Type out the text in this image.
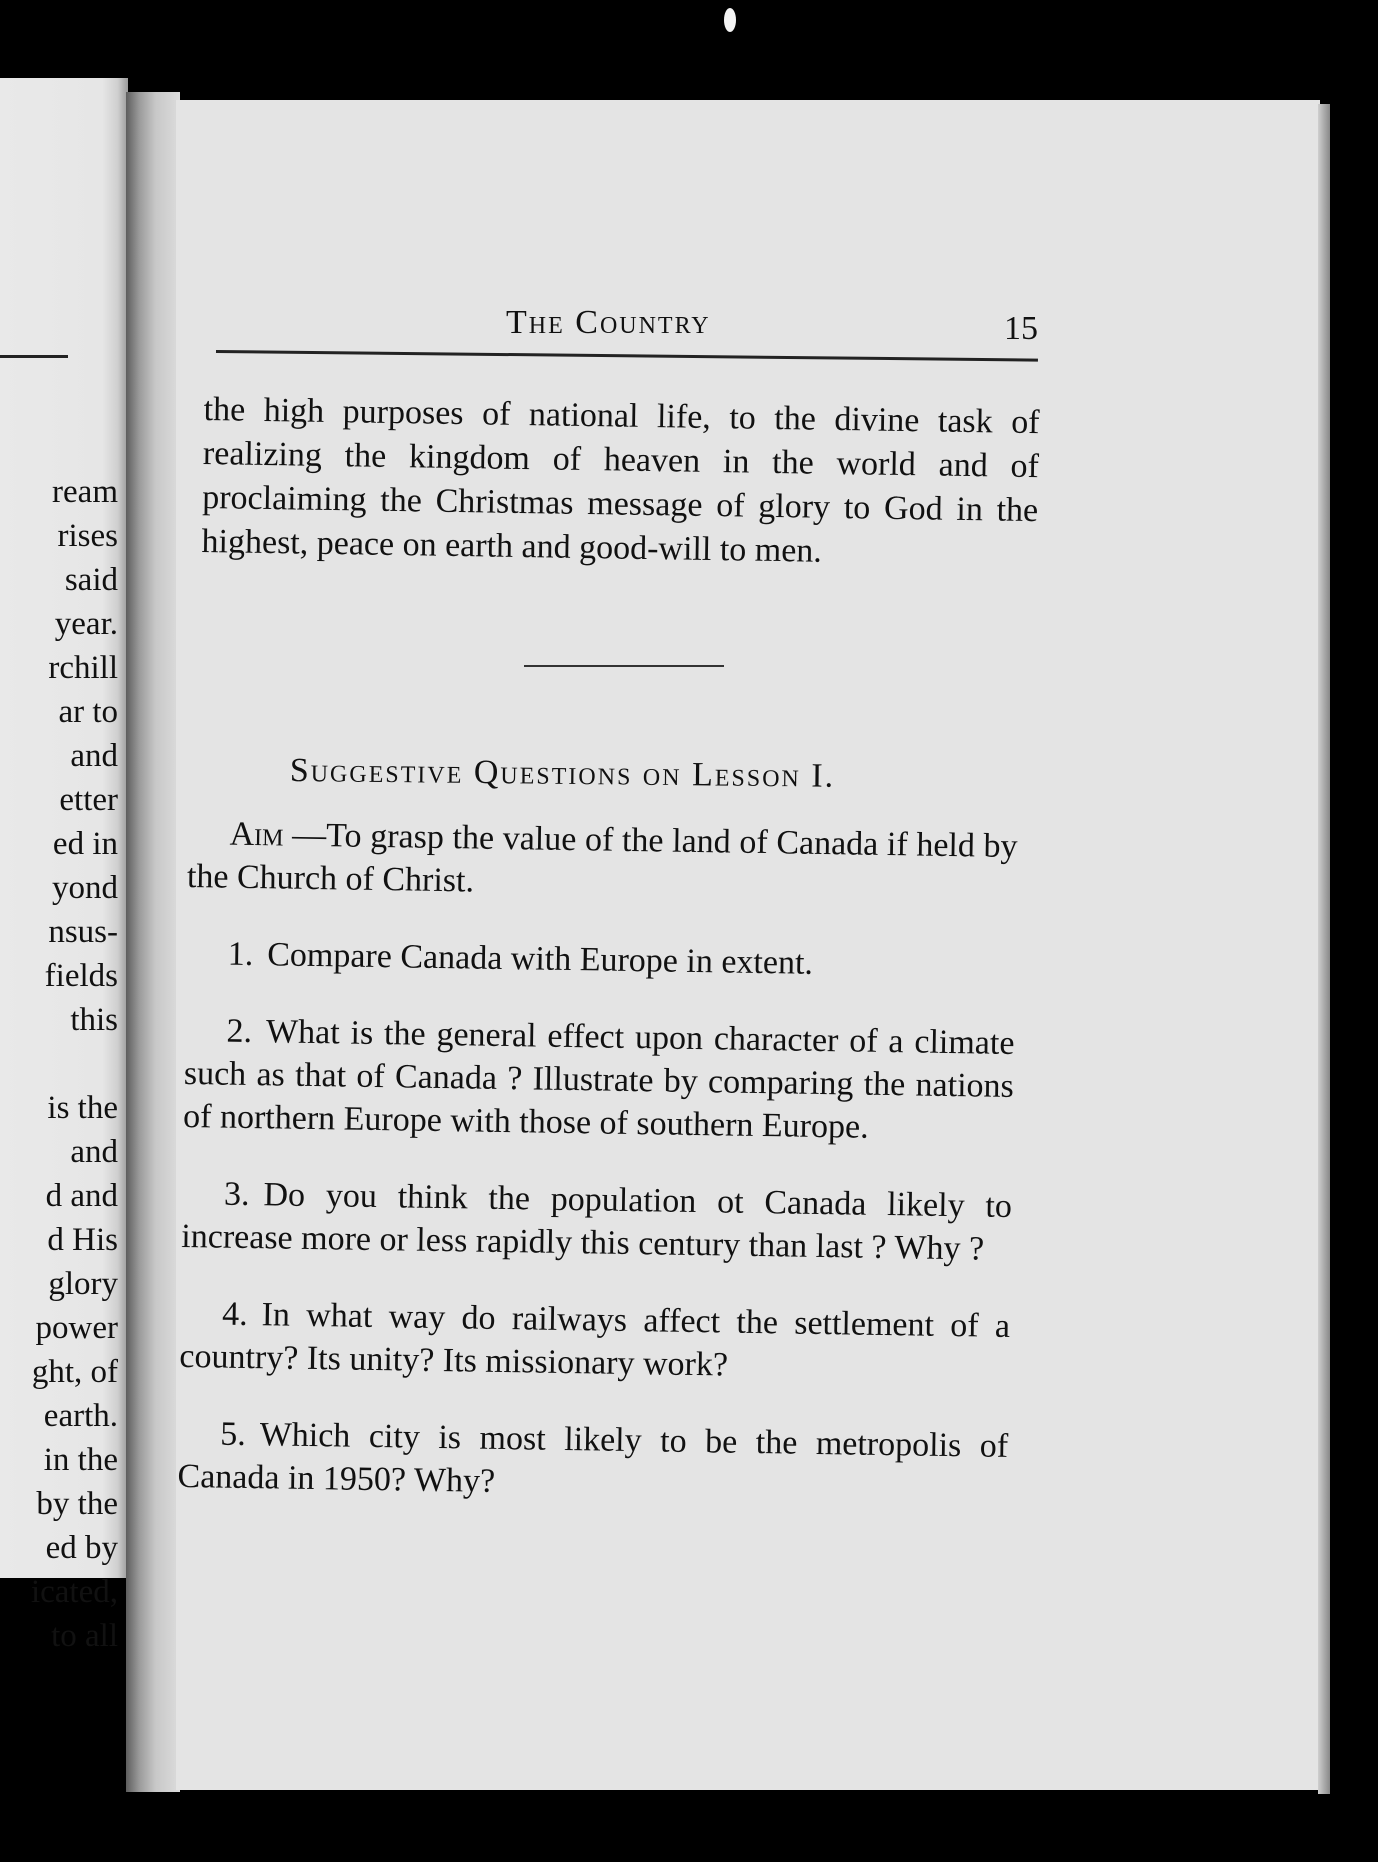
ream
rises
said
year.
rchill
ar to
and
etter
ed in
yond
nsus-
fields
this
is the
and
d and
d His
glory
power
ght, of
earth.
in the
by the
ed by
icated,
to all
The Country	15
the high purposes of national life, to the divine task of realizing the kingdom of heaven in the world and of proclaiming the Christmas message of glory to God in the highest, peace on earth and good-will to men.
Suggestive Questions on Lesson I.

Aim —To grasp the value of the land of Canada if held by the Church of Christ.

1. Compare Canada with Europe in extent.

2. What is the general effect upon character of a climate such as that of Canada ? Illustrate by comparing the nations of northern Europe with those of southern Europe.

3. Do you think the population ot Canada likely to increase more or less rapidly this century than last ? Why ?

4. In what way do railways affect the settlement of a country? Its unity? Its missionary work?

5. Which city is most likely to be the metropolis of Canada in 1950? Why?
